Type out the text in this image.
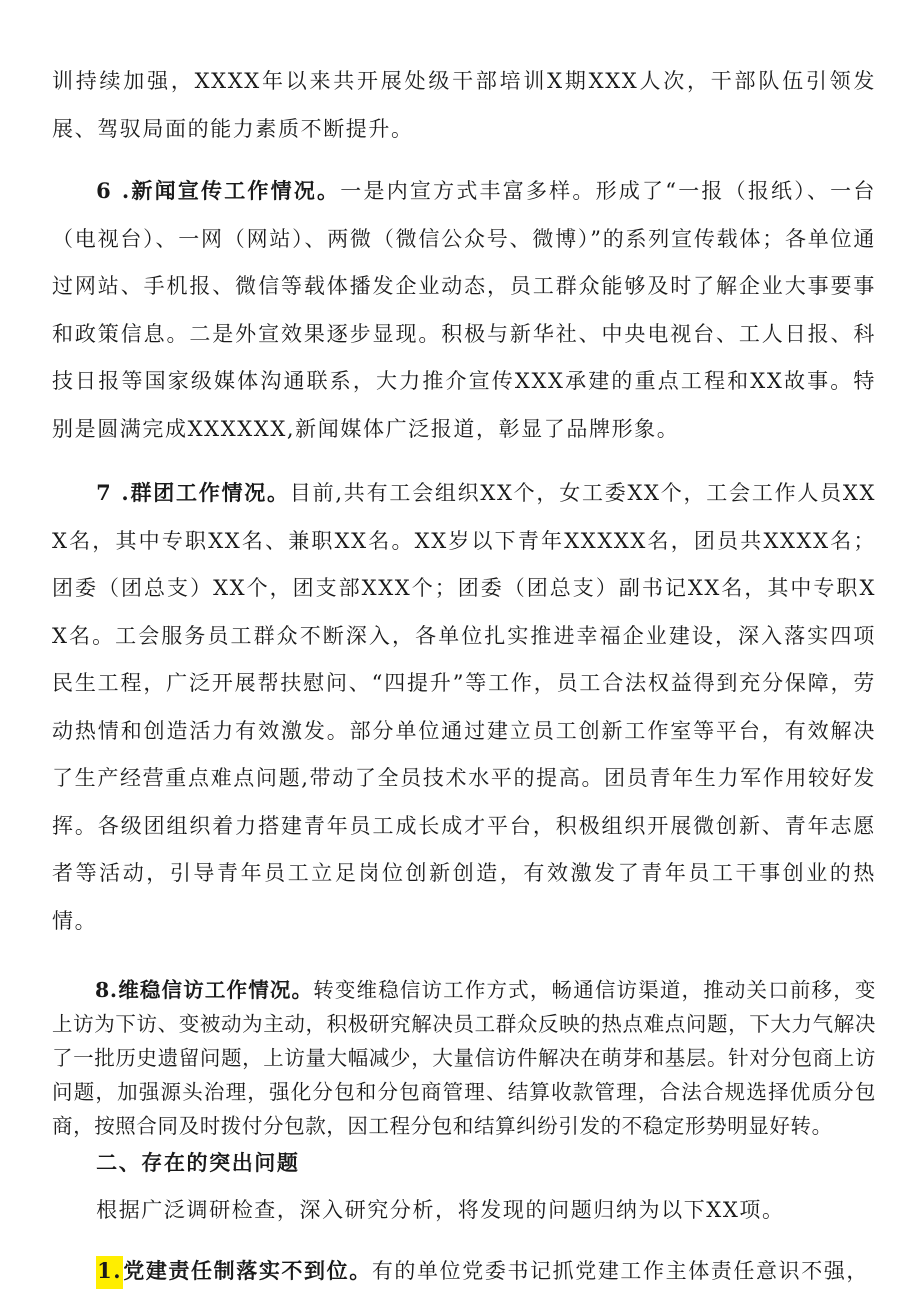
训持续加强，XXXX年以来共开展处级干部培训X期XXX人次，干部队伍引领发展、驾驭局面的能力素质不断提升。

6 .新闻宣传工作情况。一是内宣方式丰富多样。形成了“一报（报纸）、一台（电视台）、一网（网站）、两微（微信公众号、微博）”的系列宣传载体；各单位通过网站、手机报、微信等载体播发企业动态，员工群众能够及时了解企业大事要事和政策信息。二是外宣效果逐步显现。积极与新华社、中央电视台、工人日报、科技日报等国家级媒体沟通联系，大力推介宣传XXX承建的重点工程和XX故事。特别是圆满完成XXXXXX,新闻媒体广泛报道，彰显了品牌形象。

7 .群团工作情况。目前,共有工会组织XX个，女工委XX个，工会工作人员XXX名，其中专职XX名、兼职XX名。XX岁以下青年XXXXX名，团员共XXXX名；团委（团总支）XX个，团支部XXX个；团委（团总支）副书记XX名，其中专职XX名。工会服务员工群众不断深入，各单位扎实推进幸福企业建设，深入落实四项民生工程，广泛开展帮扶慰问、“四提升”等工作，员工合法权益得到充分保障，劳动热情和创造活力有效激发。部分单位通过建立员工创新工作室等平台，有效解决了生产经营重点难点问题,带动了全员技术水平的提高。团员青年生力军作用较好发挥。各级团组织着力搭建青年员工成长成才平台，积极组织开展微创新、青年志愿者等活动，引导青年员工立足岗位创新创造，有效激发了青年员工干事创业的热情。

8.维稳信访工作情况。转变维稳信访工作方式，畅通信访渠道，推动关口前移，变上访为下访、变被动为主动，积极研究解决员工群众反映的热点难点问题，下大力气解决了一批历史遗留问题，上访量大幅减少，大量信访件解决在萌芽和基层。针对分包商上访问题，加强源头治理，强化分包和分包商管理、结算收款管理，合法合规选择优质分包商，按照合同及时拨付分包款，因工程分包和结算纠纷引发的不稳定形势明显好转。

二、存在的突出问题

根据广泛调研检查，深入研究分析，将发现的问题归纳为以下XX项。

1.党建责任制落实不到位。有的单位党委书记抓党建工作主体责任意识不强，
